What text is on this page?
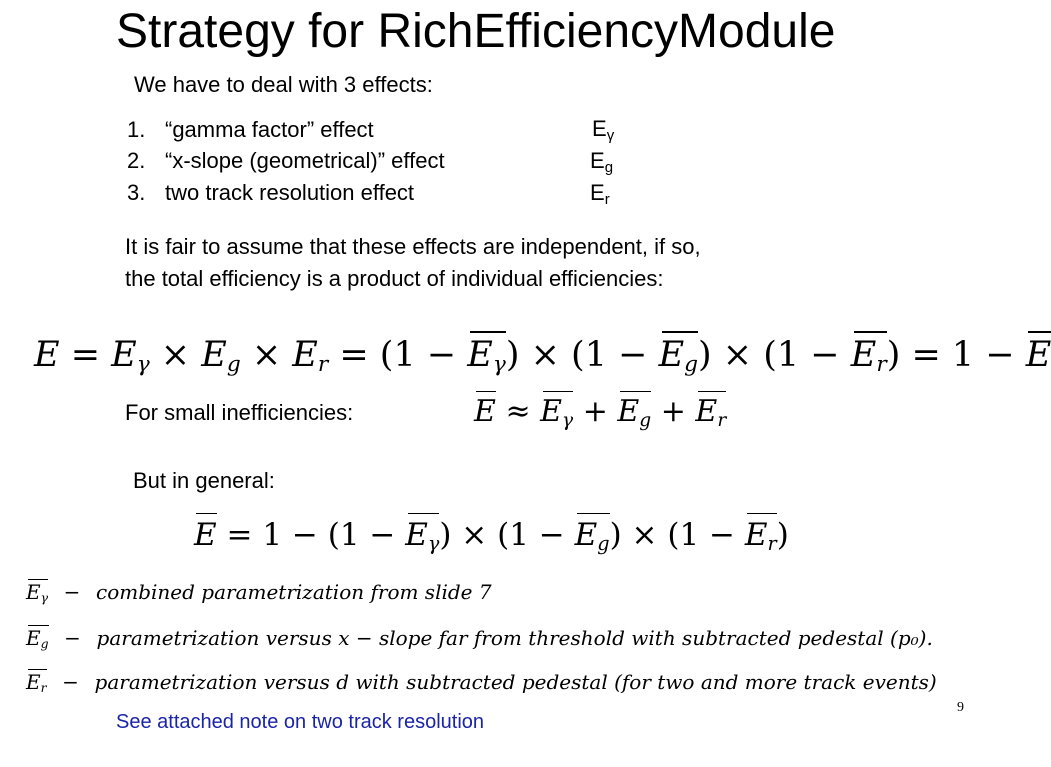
Strategy for RichEfficiencyModule
We have to deal with 3 effects:
1. “gamma factor” effect	$E_\gamma$
2. “x-slope (geometrical)” effect	$E_g$
3. two track resolution effect	$E_r$
It is fair to assume that these effects are independent, if so,
the total efficiency is a product of individual efficiencies:
$E = E\gamma \times Eg \times Er = (1 - E_\gamma) \times (1 - E_g) \times (1 - E_r) = 1 - E$
For small inefficiencies:	$E \approx E_\gamma + E_g + E_r$
But in general:
$E = 1 - (1 - E_\gamma) \times (1 - E_g) \times (1 - E_r)$
$E_\gamma$ − combined parametrization from slide 7
$E_g$ − parametrization versus x − slope far from threshold with subtracted pedestal (p₀).
$E_r$ − parametrization versus d with subtracted pedestal (for two and more track events)
9
See attached note on two track resolution
